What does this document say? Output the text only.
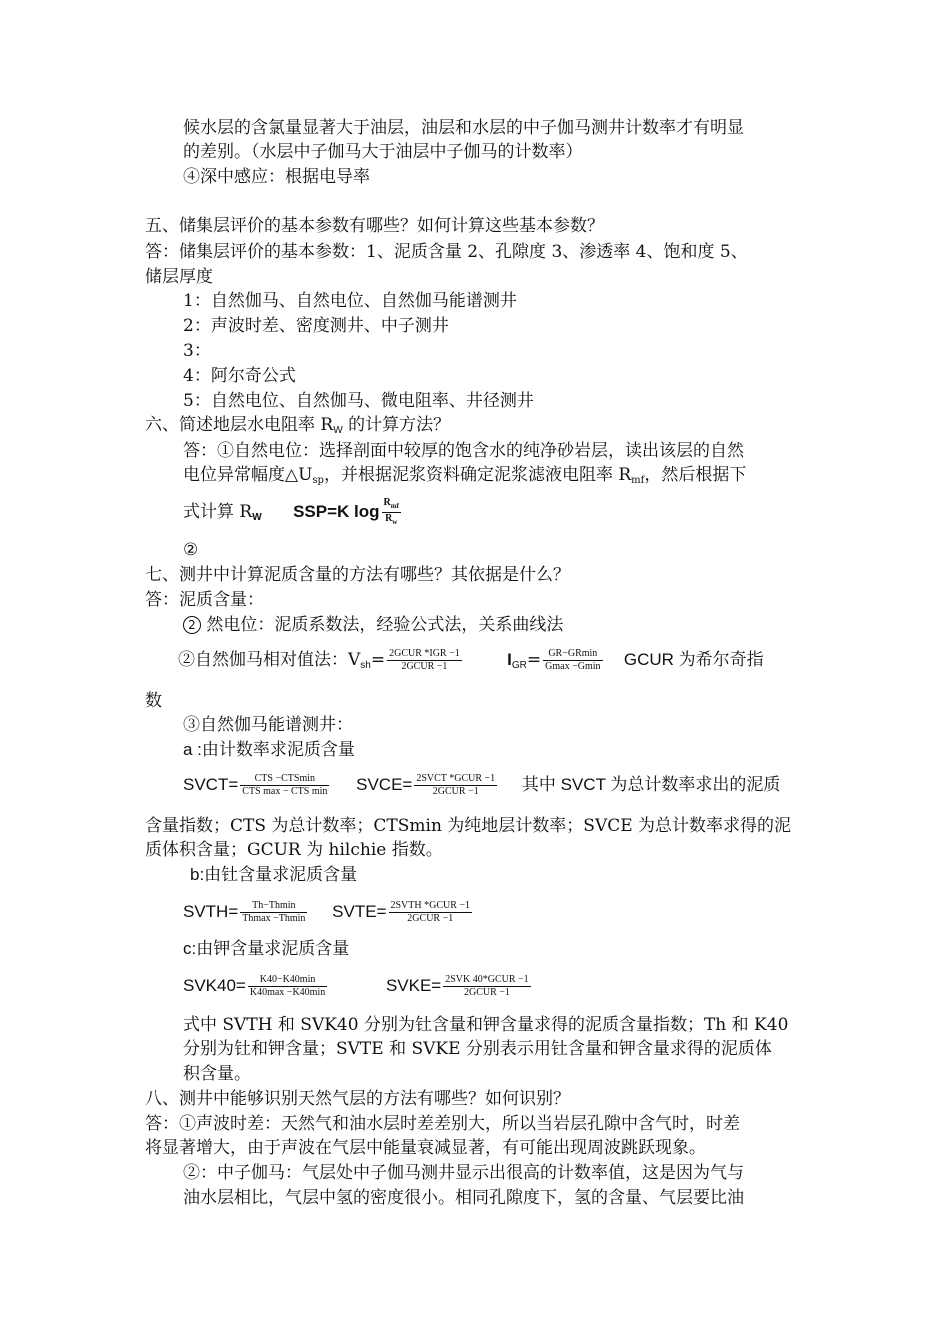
候水层的含氯量显著大于油层，油层和水层的中子伽马测井计数率才有明显
的差别。（水层中子伽马大于油层中子伽马的计数率）
④深中感应：根据电导率
五、储集层评价的基本参数有哪些？如何计算这些基本参数？
答：储集层评价的基本参数：1、泥质含量 2、孔隙度 3、渗透率 4、饱和度 5、
储层厚度
1：自然伽马、自然电位、自然伽马能谱测井
2：声波时差、密度测井、中子测井
3：
4：阿尔奇公式
5：自然电位、自然伽马、微电阻率、井径测井
六、简述地层水电阻率 $R_W$ 的计算方法？
答：①自然电位：选择剖面中较厚的饱含水的纯净砂岩层，读出该层的自然
电位异常幅度$\triangle U_{sp}$，并根据泥浆资料确定泥浆滤液电阻率 $R_{mf}$，然后根据下
式计算 $R_W$ SSP=K $\log \frac{R_{mf}}{R_w}$
②
七、测井中计算泥质含量的方法有哪些？其依据是什么？
答：泥质含量：
2 然电位：泥质系数法，经验公式法，关系曲线法
②自然伽马相对值法：$V_{sh}= \frac{\text{2GCUR *IGR −1}}{\text{2GCUR −1}}$	$I_{GR}= \frac{GR-GRmin}{Gmax -Gmin}$ GCUR 为希尔奇指
数
③自然伽马能谱测井：
a :由计数率求泥质含量
SVCT= $\frac{\text{CTS −CTSmin}}{\text{CTS max − CTS min}}$ SVCE= $\frac{\text{2SVCT *GCUR −1}}{\text{2GCUR −1}}$ 其中 SVCT 为总计数率求出的泥质
含量指数；CTS 为总计数率；CTSmin 为纯地层计数率；SVCE 为总计数率求得的泥
质体积含量；GCUR 为 hilchie 指数。
b:由钍含量求泥质含量
SVTH= $\frac{Th-Thmin}{Thmax -Thmin}$ SVTE= $\frac{\text{2SVTH *GCUR −1}}{\text{2GCUR −1}}$
c:由钾含量求泥质含量
$SVK40= \frac{K40-K40\min}{K40\max -K40\min}$	SVKE= $\frac{\text{2SVK 40*GCUR −1}}{\text{2GCUR −1}}$
式中 SVTH 和 SVK40 分别为钍含量和钾含量求得的泥质含量指数；Th 和 K40
分别为钍和钾含量；SVTE 和 SVKE 分别表示用钍含量和钾含量求得的泥质体
积含量。
八、测井中能够识别天然气层的方法有哪些？如何识别？
答：①声波时差：天然气和油水层时差差别大，所以当岩层孔隙中含气时，时差
将显著增大，由于声波在气层中能量衰减显著，有可能出现周波跳跃现象。
②：中子伽马：气层处中子伽马测井显示出很高的计数率值，这是因为气与
油水层相比，气层中氢的密度很小。相同孔隙度下，氢的含量、气层要比油
